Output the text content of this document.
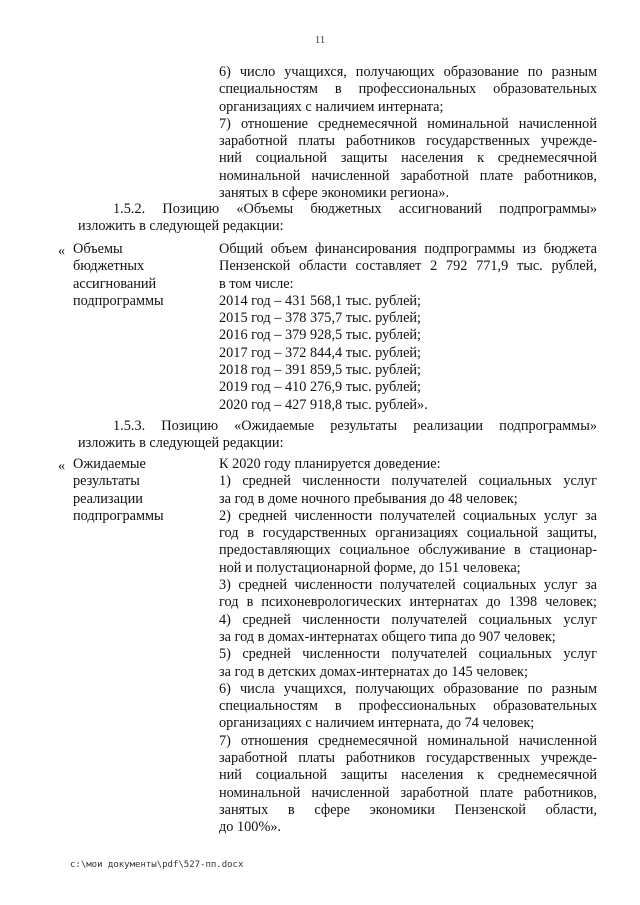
11
6) число учащихся, получающих образование по разным
специальностям в профессиональных образовательных
организациях с наличием интерната;
7) отношение среднемесячной номинальной начисленной
заработной платы работников государственных учрежде-
ний социальной защиты населения к среднемесячной
номинальной начисленной заработной плате работников,
занятых в сфере экономики региона».
1.5.2. Позицию «Объемы бюджетных ассигнований подпрограммы»
изложить в следующей редакции:
« Объемы
бюджетных
ассигнований
подпрограммы
Общий объем финансирования подпрограммы из бюджета
Пензенской области составляет 2 792 771,9 тыс. рублей,
в том числе:
2014 год – 431 568,1 тыс. рублей;
2015 год – 378 375,7 тыс. рублей;
2016 год – 379 928,5 тыс. рублей;
2017 год – 372 844,4 тыс. рублей;
2018 год – 391 859,5 тыс. рублей;
2019 год – 410 276,9 тыс. рублей;
2020 год – 427 918,8 тыс. рублей».
1.5.3. Позицию «Ожидаемые результаты реализации подпрограммы»
изложить в следующей редакции:
« Ожидаемые
результаты
реализации
подпрограммы
К 2020 году планируется доведение:
1) средней численности получателей социальных услуг
за год в доме ночного пребывания до 48 человек;
2) средней численности получателей социальных услуг за
год в государственных организациях социальной защиты,
предоставляющих социальное обслуживание в стационар-
ной и полустационарной форме, до 151 человека;
3) средней численности получателей социальных услуг за
год в психоневрологических интернатах до 1398 человек;
4) средней численности получателей социальных услуг
за год в домах-интернатах общего типа до 907 человек;
5) средней численности получателей социальных услуг
за год в детских домах-интернатах до 145 человек;
6) числа учащихся, получающих образование по разным
специальностям в профессиональных образовательных
организациях с наличием интерната, до 74 человек;
7) отношения среднемесячной номинальной начисленной
заработной платы работников государственных учрежде-
ний социальной защиты населения к среднемесячной
номинальной начисленной заработной плате работников,
занятых в сфере экономики Пензенской области,
до 100%».
c:\мои документы\pdf\527-пп.docx
